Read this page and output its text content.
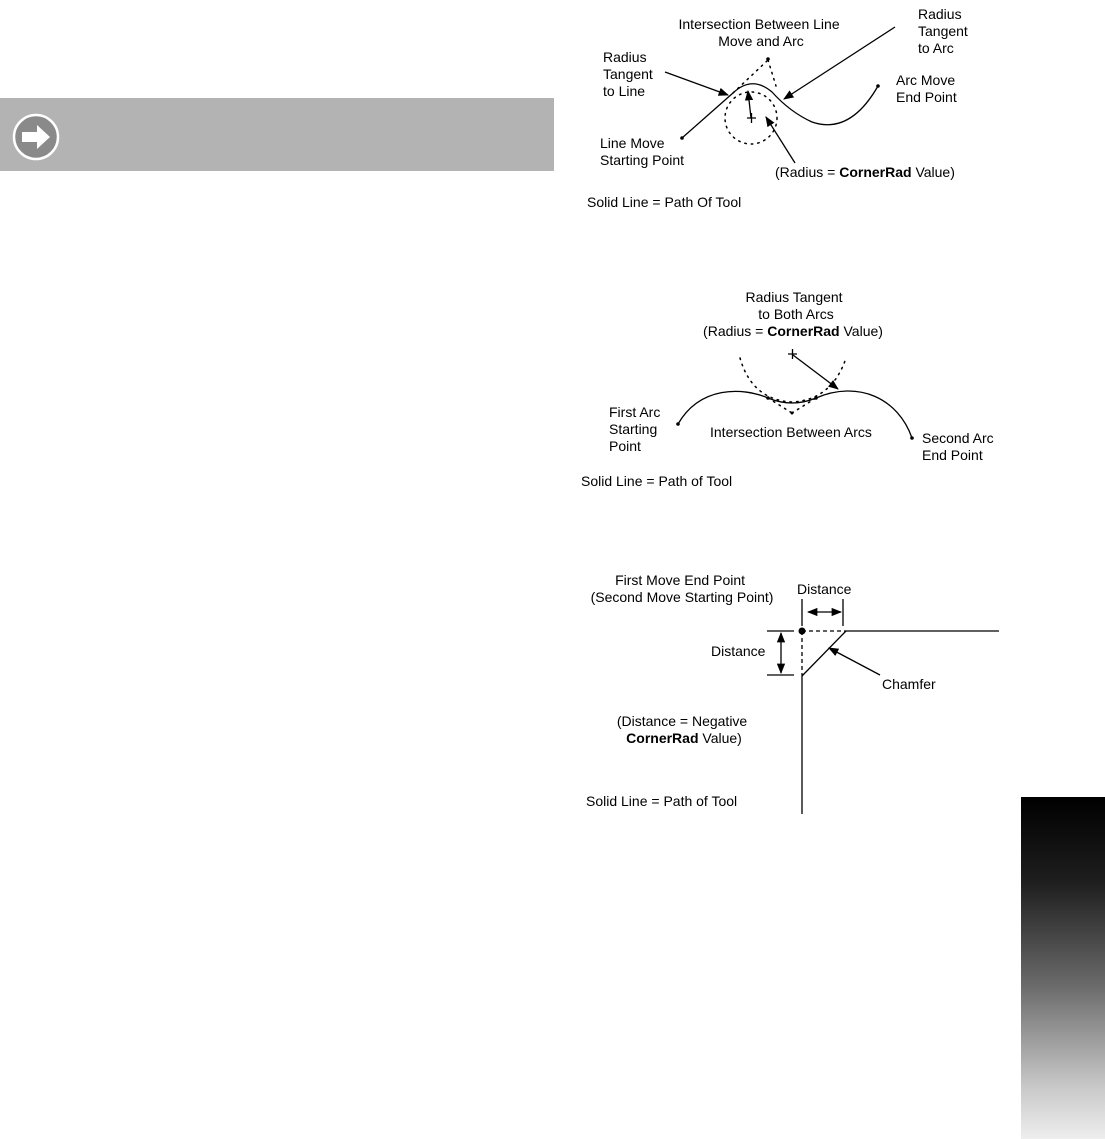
Intersection Between Line Move and Arc
Radius Tangent to Arc
Radius Tangent to Line
Arc Move End Point
Line Move Starting Point
(Radius = CornerRad Value)
Solid Line = Path Of Tool
Radius Tangent to Both Arcs
(Radius = CornerRad Value)
First Arc Starting Point
Intersection Between Arcs	Second Arc End Point
Solid Line = Path of Tool
First Move End Point (Second Move Starting Point) Distance
Distance
Chamfer
(Distance = Negative CornerRad Value)
Solid Line = Path of Tool
